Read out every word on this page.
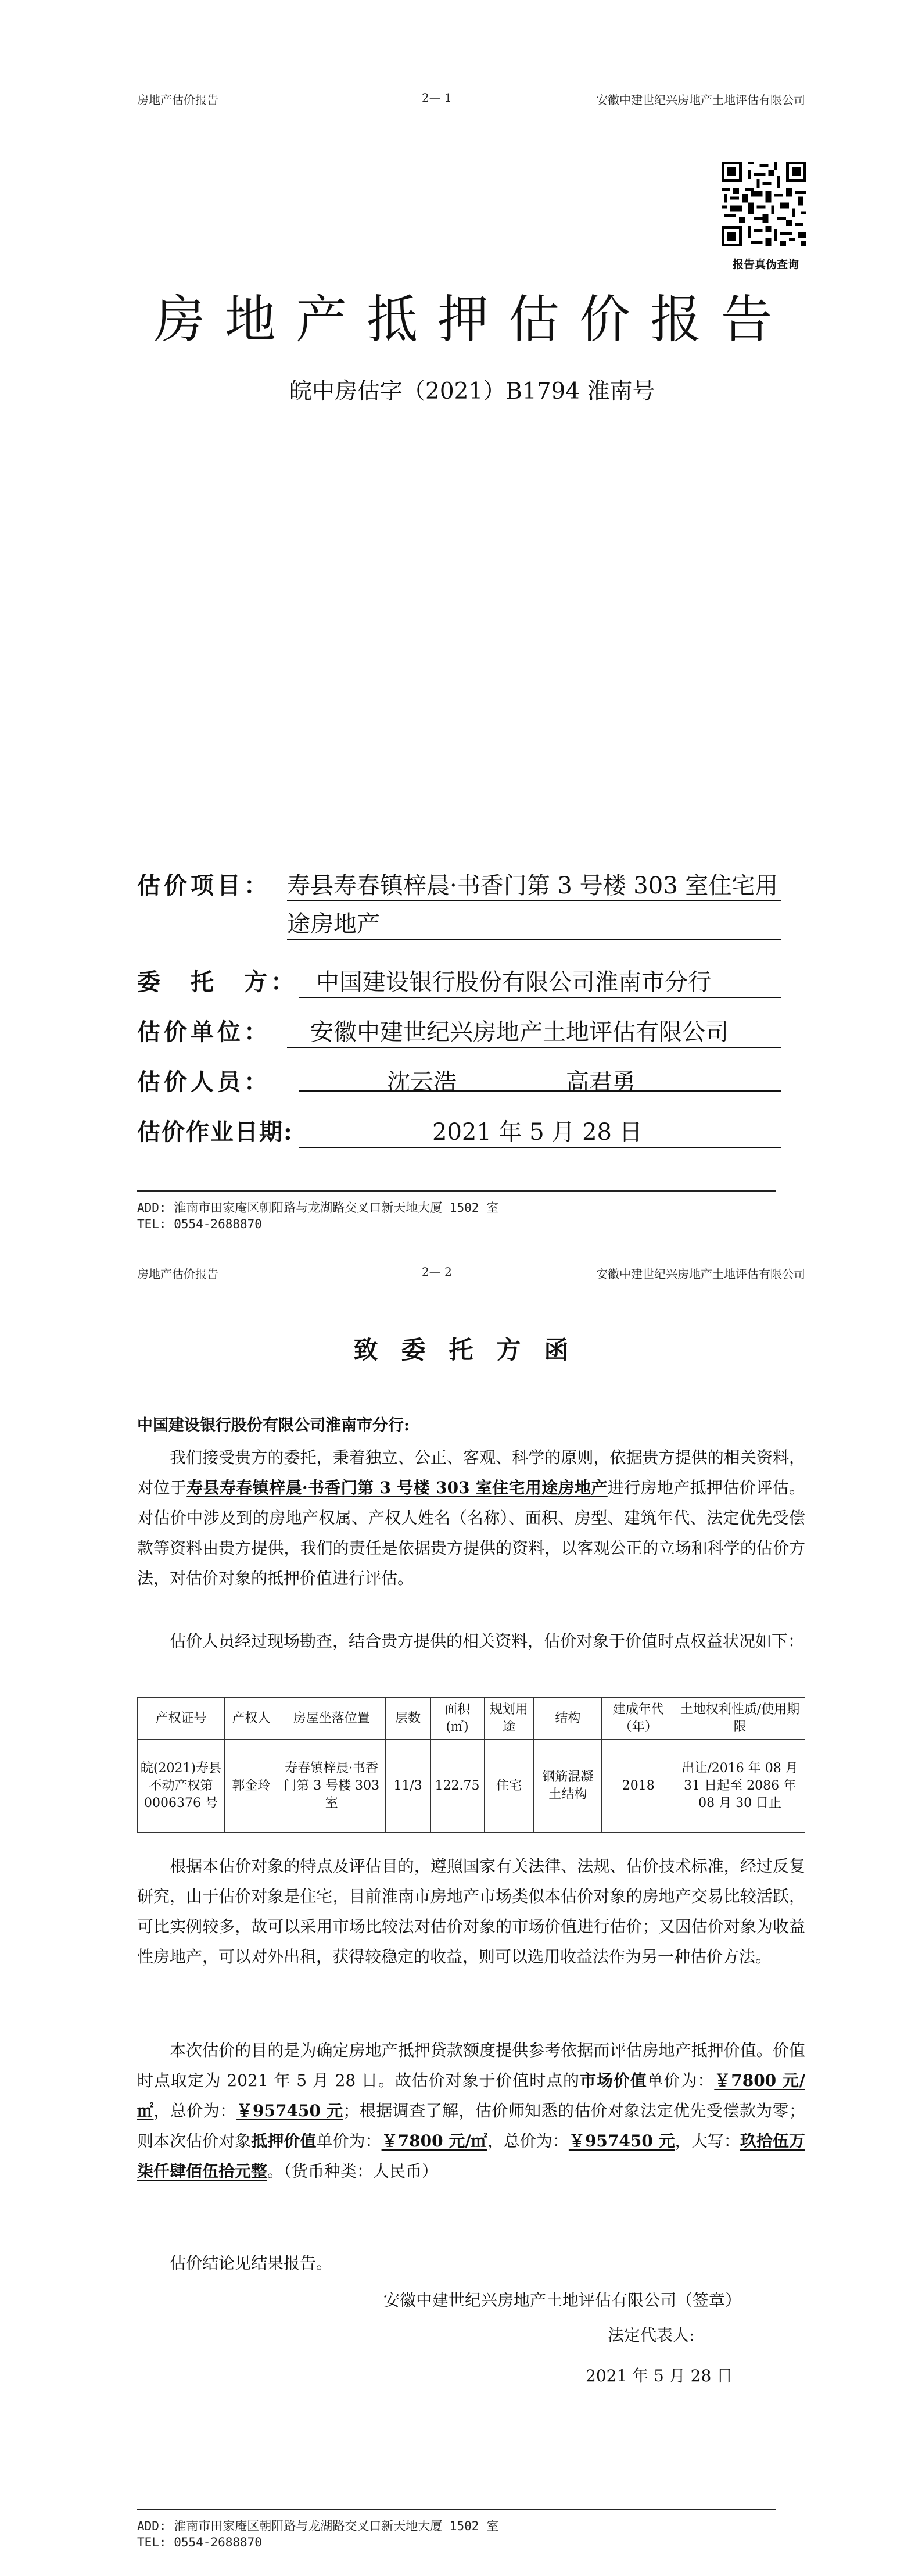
房地产估价报告	2— 1	安徽中建世纪兴房地产土地评估有限公司
报告真伪查询
房地产抵押估价报告
皖中房估字（2021）B1794 淮南号
估价项目： 寿县寿春镇梓晨·书香门第 3 号楼 303 室住宅用
途房地产
委　托　方： 中国建设银行股份有限公司淮南市分行
估价单位：	安徽中建世纪兴房地产土地评估有限公司
估价人员：	沈云浩	高君勇
估价作业日期:	2021 年 5 月 28 日
ADD: 淮南市田家庵区朝阳路与龙湖路交叉口新天地大厦 1502 室
TEL: 0554-2688870
房地产估价报告	2— 2	安徽中建世纪兴房地产土地评估有限公司
致委托方函
中国建设银行股份有限公司淮南市分行:
我们接受贵方的委托，秉着独立、公正、客观、科学的原则，依据贵方提供的相关资料，对位于寿县寿春镇梓晨·书香门第 3 号楼 303 室住宅用途房地产进行房地产抵押估价评估。对估价中涉及到的房地产权属、产权人姓名（名称）、面积、房型、建筑年代、法定优先受偿款等资料由贵方提供，我们的责任是依据贵方提供的资料，以客观公正的立场和科学的估价方法，对估价对象的抵押价值进行评估。
估价人员经过现场勘查，结合贵方提供的相关资料，估价对象于价值时点权益状况如下：
产权证号	产权人	房屋坐落位置	层数	面积(㎡)	规划用途	结构	建成年代（年）	土地权利性质/使用期限
皖(2021)寿县不动产权第 0006376 号	郭金玲	寿春镇梓晨·书香门第 3 号楼 303 室	11/3	122.75	住宅	钢筋混凝土结构	2018	出让/2016 年 08 月 31 日起至 2086 年 08 月 30 日止
根据本估价对象的特点及评估目的，遵照国家有关法律、法规、估价技术标准，经过反复研究，由于估价对象是住宅，目前淮南市房地产市场类似本估价对象的房地产交易比较活跃，可比实例较多，故可以采用市场比较法对估价对象的市场价值进行估价；又因估价对象为收益性房地产，可以对外出租，获得较稳定的收益，则可以选用收益法作为另一种估价方法。
本次估价的目的是为确定房地产抵押贷款额度提供参考依据而评估房地产抵押价值。价值时点取定为 2021 年 5 月 28 日。故估价对象于价值时点的市场价值单价为：￥7800 元/㎡，总价为：￥957450 元；根据调查了解，估价师知悉的估价对象法定优先受偿款为零；则本次估价对象抵押价值单价为：￥7800 元/㎡，总价为：￥957450 元，大写：玖拾伍万柒仟肆佰伍拾元整。（货币种类：人民币）
估价结论见结果报告。
安徽中建世纪兴房地产土地评估有限公司（签章）
法定代表人:
2021 年 5 月 28 日
ADD: 淮南市田家庵区朝阳路与龙湖路交叉口新天地大厦 1502 室
TEL: 0554-2688870
